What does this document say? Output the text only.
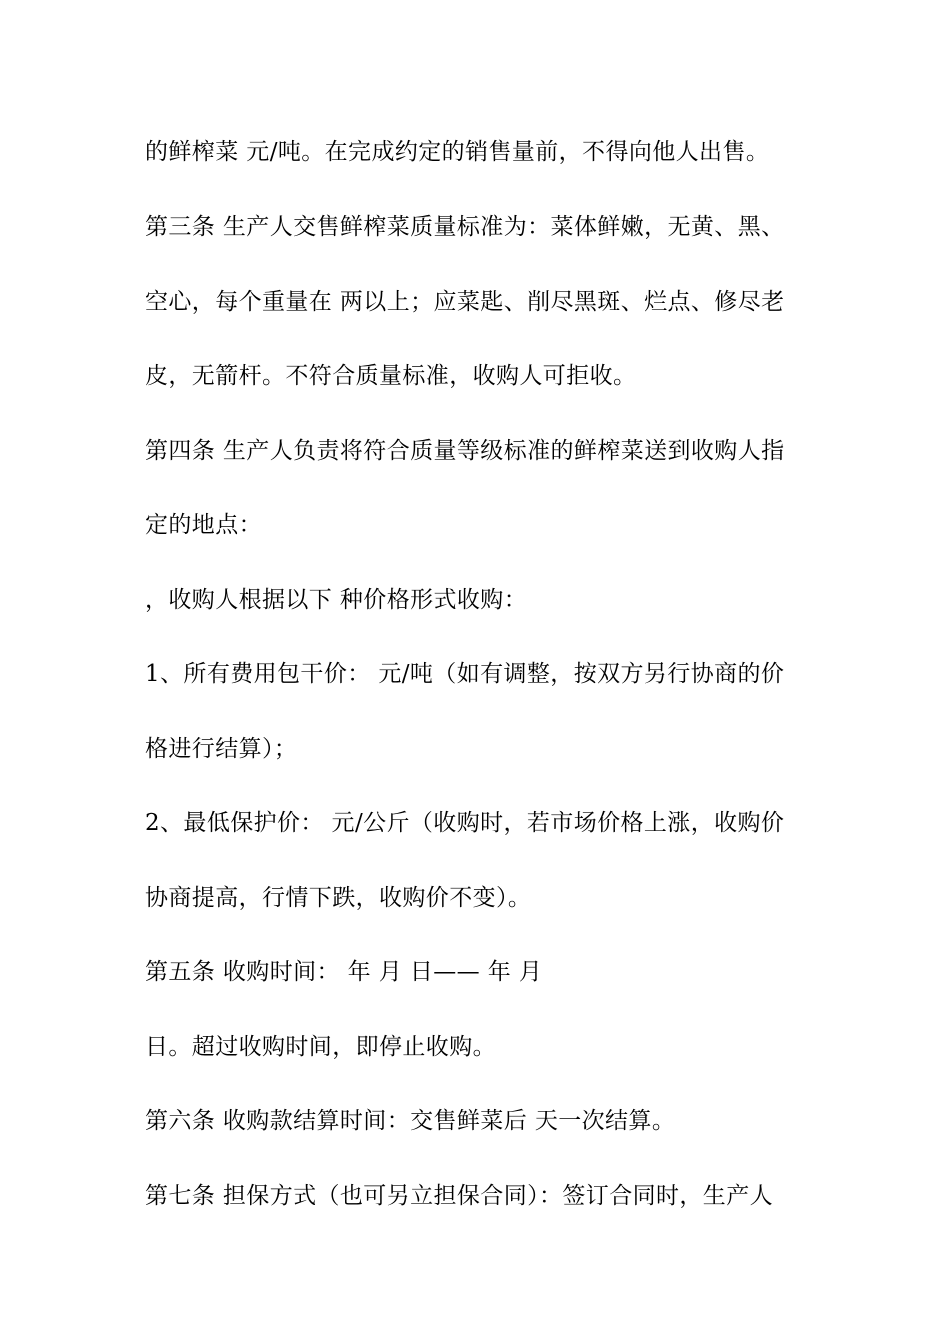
的鲜榨菜 元/吨。在完成约定的销售量前，不得向他人出售。
第三条 生产人交售鲜榨菜质量标准为：菜体鲜嫩，无黄、黑、
空心，每个重量在 两以上；应菜匙、削尽黑斑、烂点、修尽老
皮，无箭杆。不符合质量标准，收购人可拒收。
第四条 生产人负责将符合质量等级标准的鲜榨菜送到收购人指
定的地点：
，收购人根据以下 种价格形式收购：
1、所有费用包干价： 元/吨（如有调整，按双方另行协商的价
格进行结算）；
2、最低保护价： 元/公斤（收购时，若市场价格上涨，收购价
协商提高，行情下跌，收购价不变）。
第五条 收购时间： 年 月 日—— 年 月
日。超过收购时间，即停止收购。
第六条 收购款结算时间：交售鲜菜后 天一次结算。
第七条 担保方式（也可另立担保合同）：签订合同时，生产人
